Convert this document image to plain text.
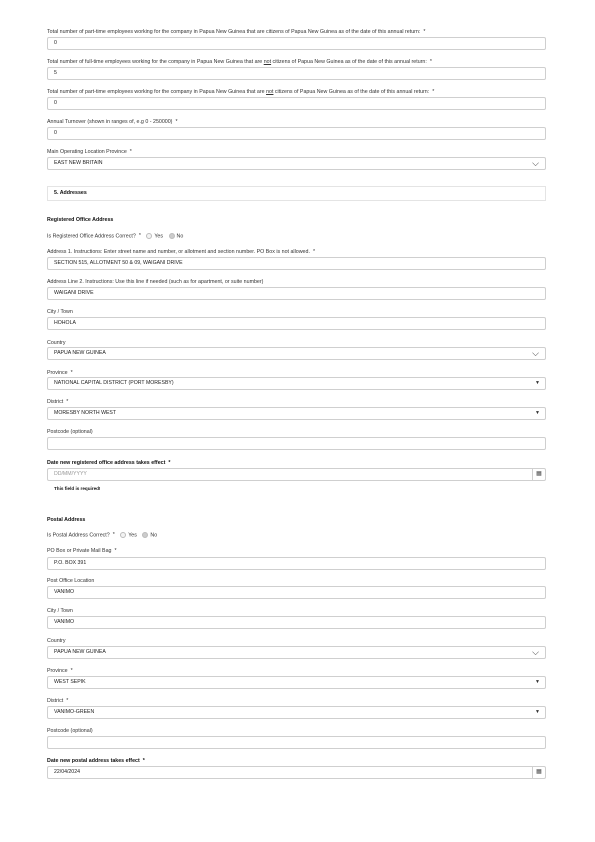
Total number of part-time employees working for the company in Papua New Guinea that are citizens of Papua New Guinea as of the date of this annual return: *
0
Total number of full-time employees working for the company in Papua New Guinea that are not citizens of Papua New Guinea as of the date of this annual return: *
5
Total number of part-time employees working for the company in Papua New Guinea that are not citizens of Papua New Guinea as of the date of this annual return: *
0
Annual Turnover (shown in ranges of, e.g 0 - 250000) *
0
Main Operating Location Province *
EAST NEW BRITAIN	⌵
5. Addresses
Registered Office Address
Is Registered Office Address Correct? *	Yes	No
Address 1. Instructions: Enter street name and number, or allotment and section number. PO Box is not allowed. *
SECTION 515, ALLOTMENT 50 & 09, WAIGANI DRIVE
Address Line 2. Instructions: Use this line if needed (such as for apartment, or suite number)
WAIGANI DRIVE
City / Town
HOHOLA
Country
PAPUA NEW GUINEA	⌵
Province *
NATIONAL CAPITAL DISTRICT (PORT MORESBY)	▼
District *
MORESBY NORTH WEST	▼
Postcode (optional)
Date new registered office address takes effect *
DD/MM/YYYY	▦
This field is required!
Postal Address
Is Postal Address Correct? *	Yes	No
PO Box or Private Mail Bag *
P.O. BOX 391
Post Office Location
VANIMO
City / Town
VANIMO
Country
PAPUA NEW GUINEA	⌵
Province *
WEST SEPIK	▼
District *
VANIMO-GREEN	▼
Postcode (optional)
Date new postal address takes effect *
22/04/2024	▦
